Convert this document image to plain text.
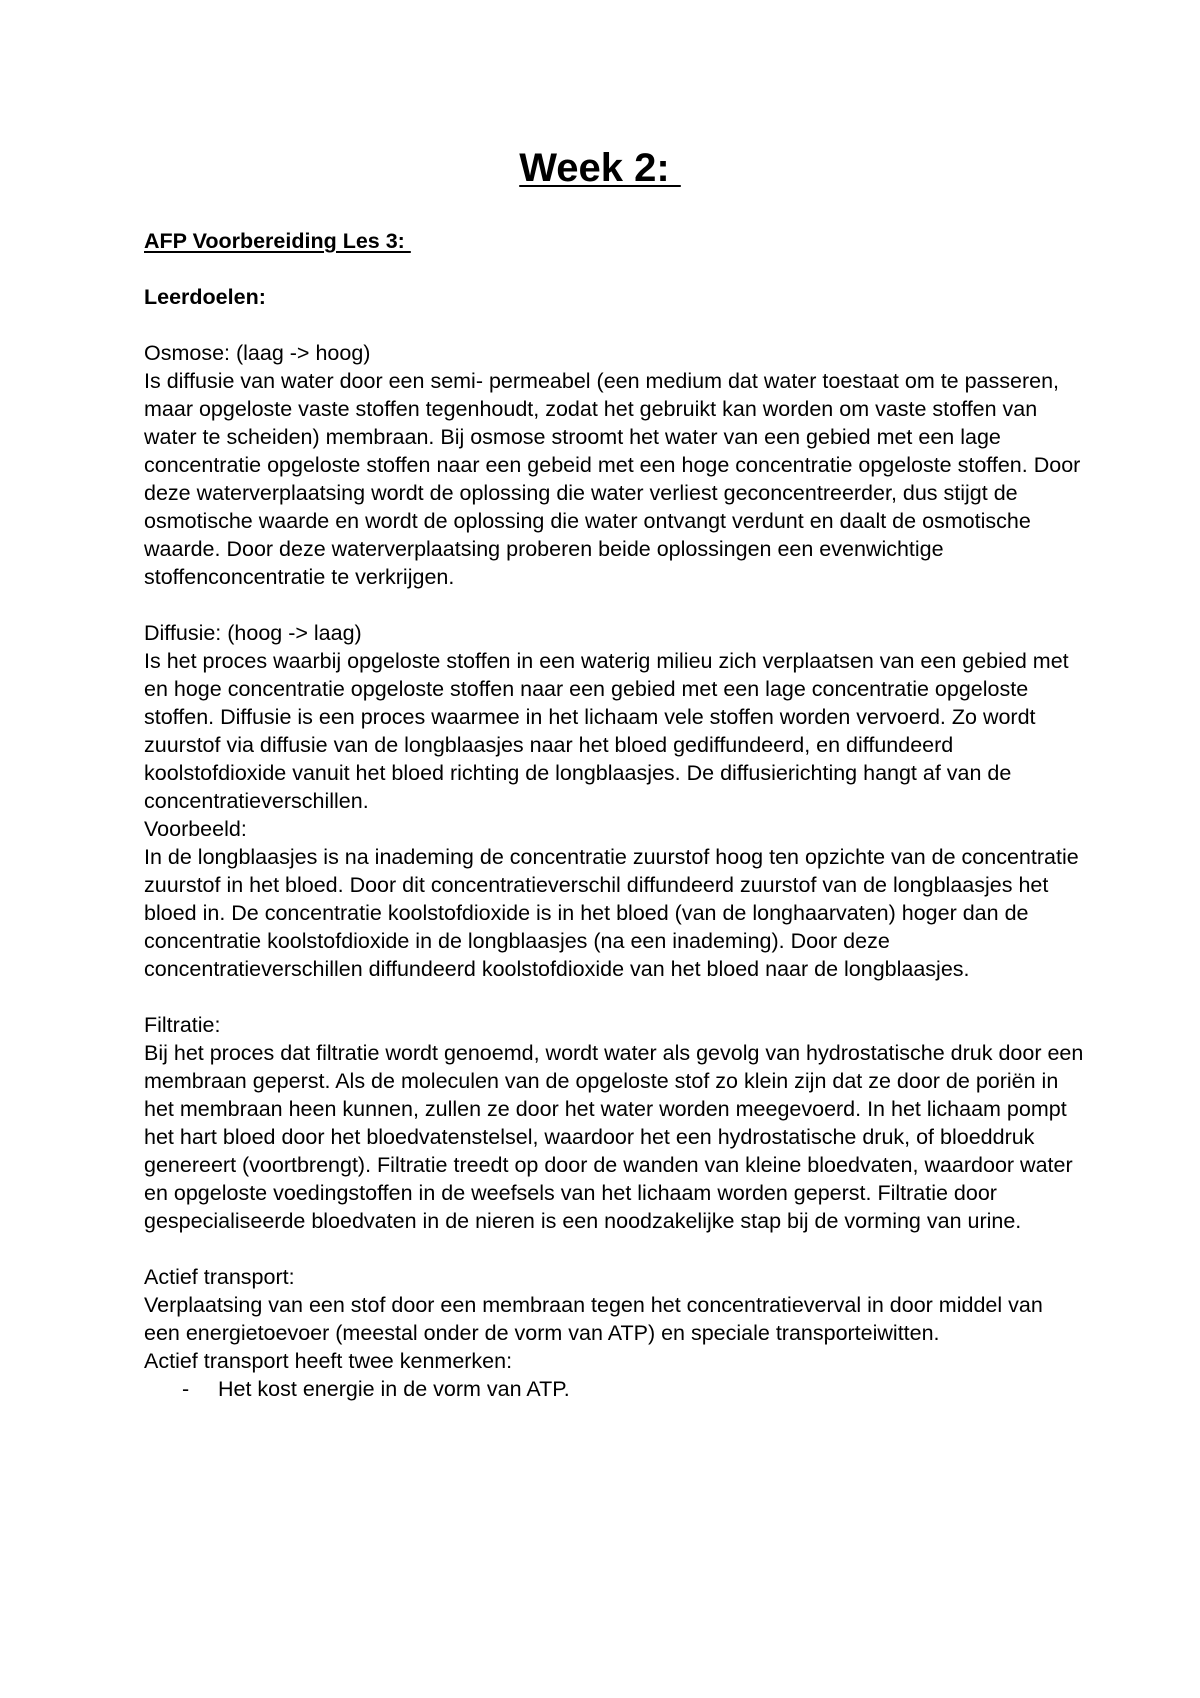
Week 2:

AFP Voorbereiding Les 3:

Leerdoelen:

Osmose: (laag -> hoog)

Is diffusie van water door een semi- permeabel (een medium dat water toestaat om te passeren, maar opgeloste vaste stoffen tegenhoudt, zodat het gebruikt kan worden om vaste stoffen van water te scheiden) membraan. Bij osmose stroomt het water van een gebied met een lage concentratie opgeloste stoffen naar een gebeid met een hoge concentratie opgeloste stoffen. Door deze waterverplaatsing wordt de oplossing die water verliest geconcentreerder, dus stijgt de osmotische waarde en wordt de oplossing die water ontvangt verdunt en daalt de osmotische waarde. Door deze waterverplaatsing proberen beide oplossingen een evenwichtige stoffenconcentratie te verkrijgen.

Diffusie: (hoog -> laag)

Is het proces waarbij opgeloste stoffen in een waterig milieu zich verplaatsen van een gebied met en hoge concentratie opgeloste stoffen naar een gebied met een lage concentratie opgeloste stoffen. Diffusie is een proces waarmee in het lichaam vele stoffen worden vervoerd. Zo wordt zuurstof via diffusie van de longblaasjes naar het bloed gediffundeerd, en diffundeerd koolstofdioxide vanuit het bloed richting de longblaasjes. De diffusierichting hangt af van de concentratieverschillen.

Voorbeeld:

In de longblaasjes is na inademing de concentratie zuurstof hoog ten opzichte van de concentratie zuurstof in het bloed. Door dit concentratieverschil diffundeerd zuurstof van de longblaasjes het bloed in. De concentratie koolstofdioxide is in het bloed (van de longhaarvaten) hoger dan de concentratie koolstofdioxide in de longblaasjes (na een inademing). Door deze concentratieverschillen diffundeerd koolstofdioxide van het bloed naar de longblaasjes.

Filtratie:

Bij het proces dat filtratie wordt genoemd, wordt water als gevolg van hydrostatische druk door een membraan geperst. Als de moleculen van de opgeloste stof zo klein zijn dat ze door de poriën in het membraan heen kunnen, zullen ze door het water worden meegevoerd. In het lichaam pompt het hart bloed door het bloedvatenstelsel, waardoor het een hydrostatische druk, of bloeddruk genereert (voortbrengt). Filtratie treedt op door de wanden van kleine bloedvaten, waardoor water en opgeloste voedingstoffen in de weefsels van het lichaam worden geperst. Filtratie door gespecialiseerde bloedvaten in de nieren is een noodzakelijke stap bij de vorming van urine.

Actief transport:

Verplaatsing van een stof door een membraan tegen het concentratieverval in door middel van een energietoevoer (meestal onder de vorm van ATP) en speciale transporteiwitten.

Actief transport heeft twee kenmerken:

-	Het kost energie in de vorm van ATP.
